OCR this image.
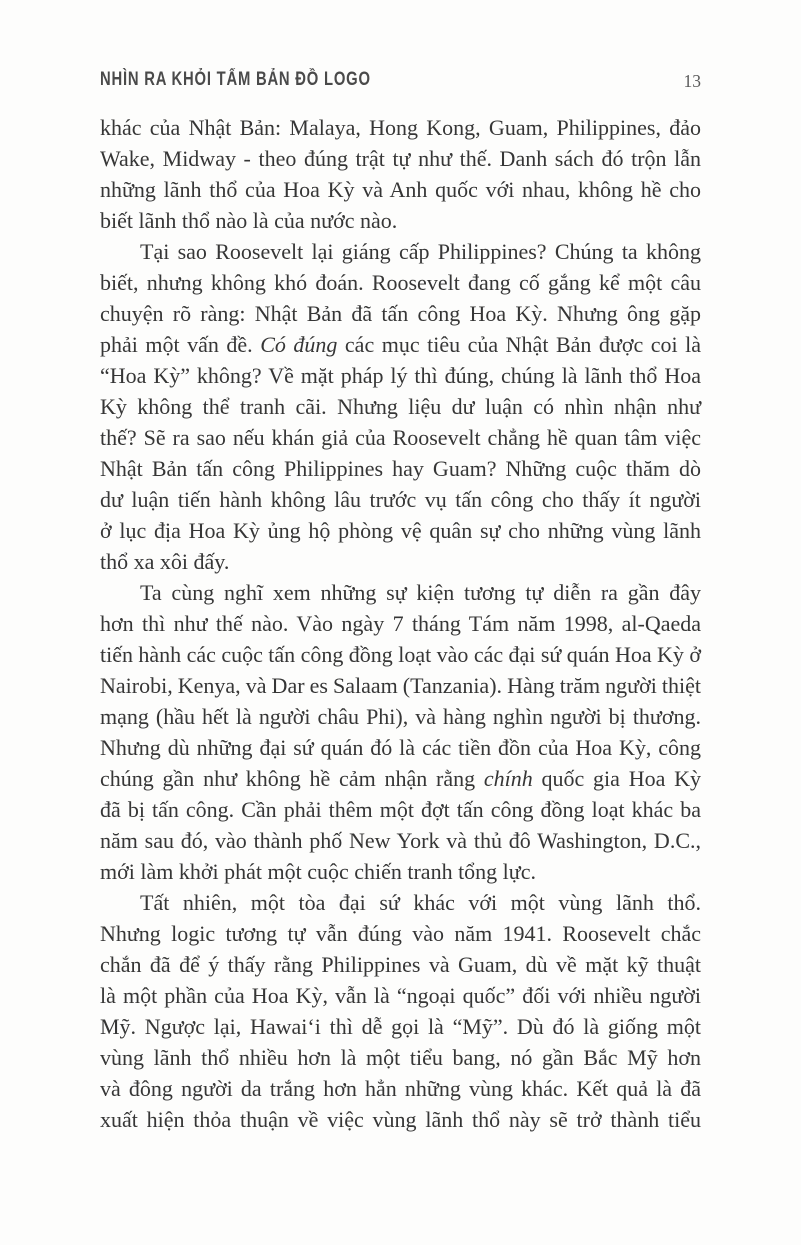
NHÌN RA KHỎI TẤM BẢN ĐỒ LOGO	13
khác của Nhật Bản: Malaya, Hong Kong, Guam, Philippines, đảo
Wake, Midway - theo đúng trật tự như thế. Danh sách đó trộn lẫn
những lãnh thổ của Hoa Kỳ và Anh quốc với nhau, không hề cho
biết lãnh thổ nào là của nước nào.
Tại sao Roosevelt lại giáng cấp Philippines? Chúng ta không
biết, nhưng không khó đoán. Roosevelt đang cố gắng kể một câu
chuyện rõ ràng: Nhật Bản đã tấn công Hoa Kỳ. Nhưng ông gặp
phải một vấn đề. Có đúng các mục tiêu của Nhật Bản được coi là
“Hoa Kỳ” không? Về mặt pháp lý thì đúng, chúng là lãnh thổ Hoa
Kỳ không thể tranh cãi. Nhưng liệu dư luận có nhìn nhận như
thế? Sẽ ra sao nếu khán giả của Roosevelt chẳng hề quan tâm việc
Nhật Bản tấn công Philippines hay Guam? Những cuộc thăm dò
dư luận tiến hành không lâu trước vụ tấn công cho thấy ít người
ở lục địa Hoa Kỳ ủng hộ phòng vệ quân sự cho những vùng lãnh
thổ xa xôi đấy.
Ta cùng nghĩ xem những sự kiện tương tự diễn ra gần đây
hơn thì như thế nào. Vào ngày 7 tháng Tám năm 1998, al-Qaeda
tiến hành các cuộc tấn công đồng loạt vào các đại sứ quán Hoa Kỳ ở
Nairobi, Kenya, và Dar es Salaam (Tanzania). Hàng trăm người thiệt
mạng (hầu hết là người châu Phi), và hàng nghìn người bị thương.
Nhưng dù những đại sứ quán đó là các tiền đồn của Hoa Kỳ, công
chúng gần như không hề cảm nhận rằng chính quốc gia Hoa Kỳ
đã bị tấn công. Cần phải thêm một đợt tấn công đồng loạt khác ba
năm sau đó, vào thành phố New York và thủ đô Washington, D.C.,
mới làm khởi phát một cuộc chiến tranh tổng lực.
Tất nhiên, một tòa đại sứ khác với một vùng lãnh thổ.
Nhưng logic tương tự vẫn đúng vào năm 1941. Roosevelt chắc
chắn đã để ý thấy rằng Philippines và Guam, dù về mặt kỹ thuật
là một phần của Hoa Kỳ, vẫn là “ngoại quốc” đối với nhiều người
Mỹ. Ngược lại, Hawai‘i thì dễ gọi là “Mỹ”. Dù đó là giống một
vùng lãnh thổ nhiều hơn là một tiểu bang, nó gần Bắc Mỹ hơn
và đông người da trắng hơn hẳn những vùng khác. Kết quả là đã
xuất hiện thỏa thuận về việc vùng lãnh thổ này sẽ trở thành tiểu
